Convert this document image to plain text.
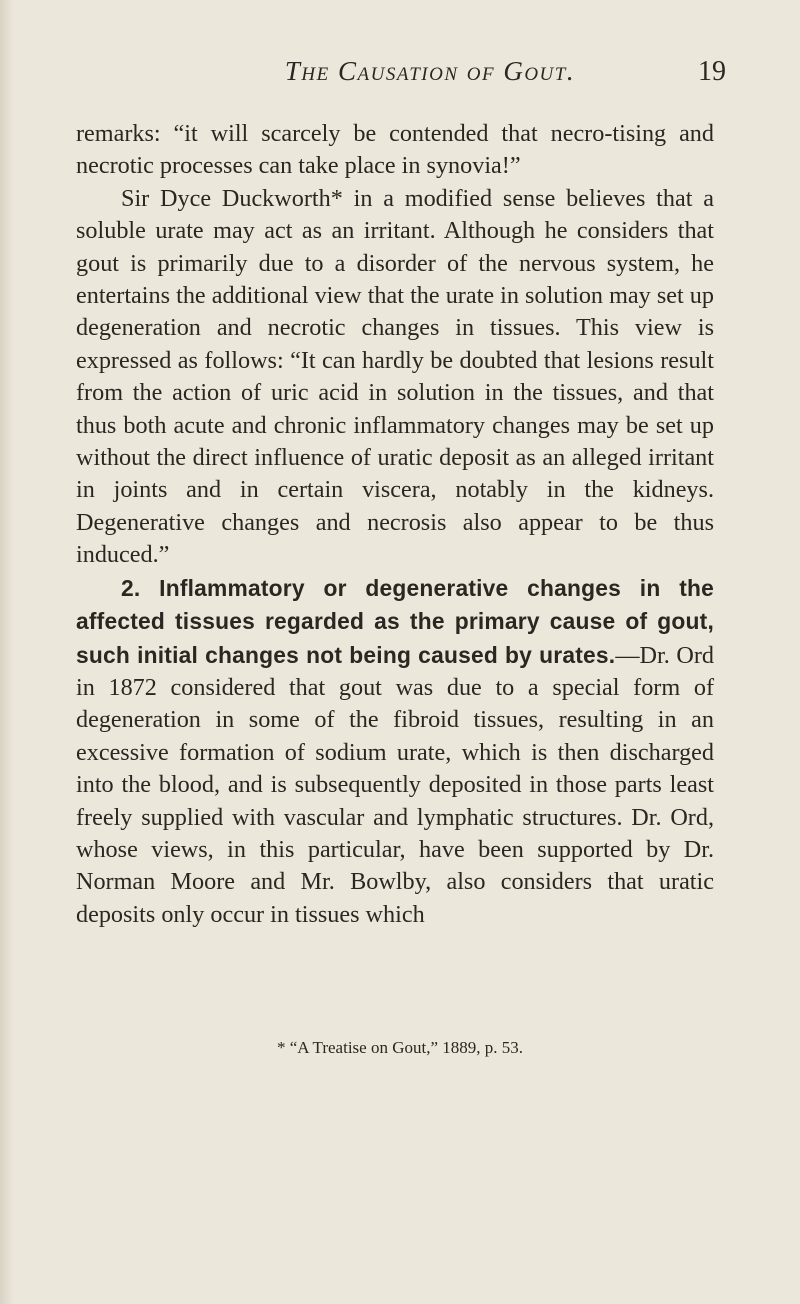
The Causation of Gout.	19

remarks: “it will scarcely be contended that necro-tising and necrotic processes can take place in synovia!”

Sir Dyce Duckworth* in a modified sense believes that a soluble urate may act as an irritant. Although he considers that gout is primarily due to a disorder of the nervous system, he entertains the additional view that the urate in solution may set up degeneration and necrotic changes in tissues. This view is expressed as follows: “It can hardly be doubted that lesions result from the action of uric acid in solution in the tissues, and that thus both acute and chronic inflammatory changes may be set up without the direct influence of uratic deposit as an alleged irritant in joints and in certain viscera, notably in the kidneys. Degenerative changes and necrosis also appear to be thus induced.”

2. Inflammatory or degenerative changes in the affected tissues regarded as the primary cause of gout, such initial changes not being caused by urates.—Dr. Ord in 1872 considered that gout was due to a special form of degeneration in some of the fibroid tissues, resulting in an excessive formation of sodium urate, which is then discharged into the blood, and is subsequently deposited in those parts least freely supplied with vascular and lymphatic structures. Dr. Ord, whose views, in this particular, have been supported by Dr. Norman Moore and Mr. Bowlby, also considers that uratic deposits only occur in tissues which

* “A Treatise on Gout,” 1889, p. 53.
